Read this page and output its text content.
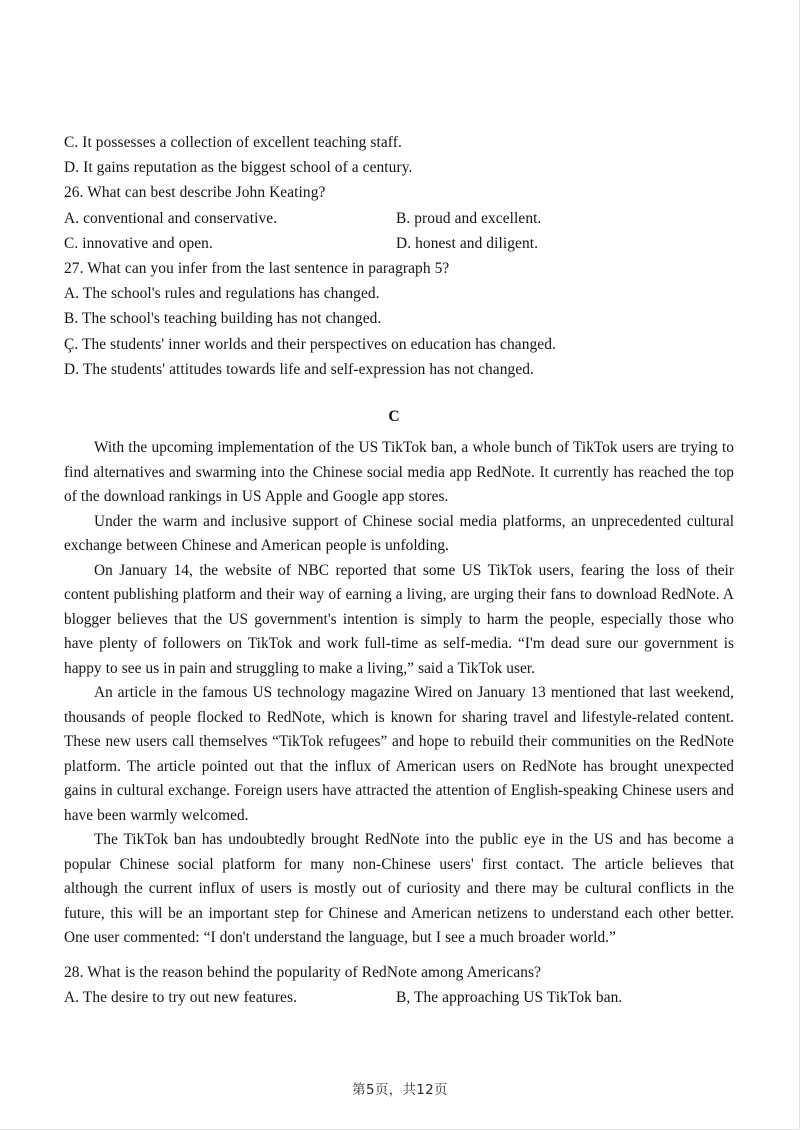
C. It possesses a collection of excellent teaching staff.
D. It gains reputation as the biggest school of a century.
26. What can best describe John Keating?
A. conventional and conservative.	B. proud and excellent.
C. innovative and open.	D. honest and diligent.
27. What can you infer from the last sentence in paragraph 5?
A. The school's rules and regulations has changed.
B. The school's teaching building has not changed.
Ç. The students' inner worlds and their perspectives on education has changed.
D. The students' attitudes towards life and self-expression has not changed.
C

With the upcoming implementation of the US TikTok ban, a whole bunch of TikTok users are trying to find alternatives and swarming into the Chinese social media app RedNote. It currently has reached the top of the download rankings in US Apple and Google app stores.

Under the warm and inclusive support of Chinese social media platforms, an unprecedented cultural exchange between Chinese and American people is unfolding.

On January 14, the website of NBC reported that some US TikTok users, fearing the loss of their content publishing platform and their way of earning a living, are urging their fans to download RedNote. A blogger believes that the US government's intention is simply to harm the people, especially those who have plenty of followers on TikTok and work full-time as self-media. “I'm dead sure our government is happy to see us in pain and struggling to make a living,” said a TikTok user.

An article in the famous US technology magazine Wired on January 13 mentioned that last weekend, thousands of people flocked to RedNote, which is known for sharing travel and lifestyle-related content. These new users call themselves “TikTok refugees” and hope to rebuild their communities on the RedNote platform. The article pointed out that the influx of American users on RedNote has brought unexpected gains in cultural exchange. Foreign users have attracted the attention of English-speaking Chinese users and have been warmly welcomed.

The TikTok ban has undoubtedly brought RedNote into the public eye in the US and has become a popular Chinese social platform for many non-Chinese users' first contact. The article believes that although the current influx of users is mostly out of curiosity and there may be cultural conflicts in the future, this will be an important step for Chinese and American netizens to understand each other better. One user commented: “I don't understand the language, but I see a much broader world.”

28. What is the reason behind the popularity of RedNote among Americans?
A. The desire to try out new features.	B, The approaching US TikTok ban.
第5页，共12页
